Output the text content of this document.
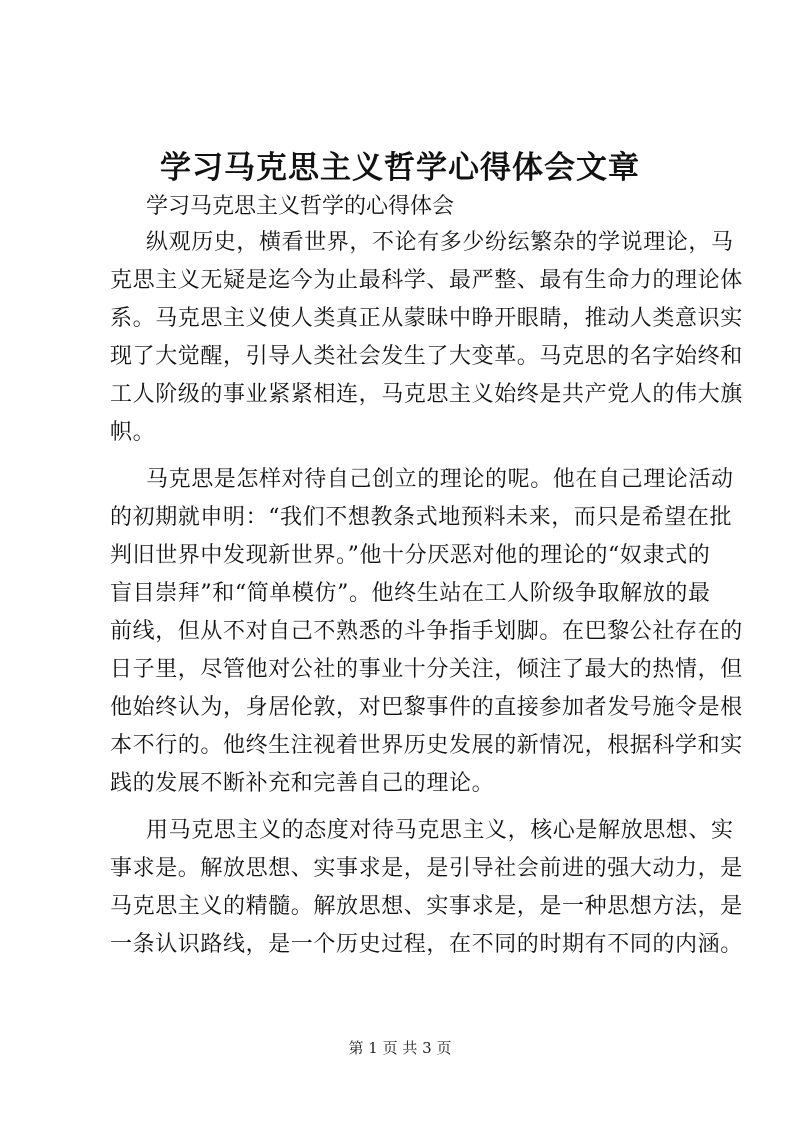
学习马克思主义哲学心得体会文章

学习马克思主义哲学的心得体会

纵观历史，横看世界，不论有多少纷纭繁杂的学说理论，马
克思主义无疑是迄今为止最科学、最严整、最有生命力的理论体
系。马克思主义使人类真正从蒙昧中睁开眼睛，推动人类意识实
现了大觉醒，引导人类社会发生了大变革。马克思的名字始终和
工人阶级的事业紧紧相连，马克思主义始终是共产党人的伟大旗
帜。

马克思是怎样对待自己创立的理论的呢。他在自己理论活动
的初期就申明：“我们不想教条式地预料未来，而只是希望在批
判旧世界中发现新世界。”他十分厌恶对他的理论的“奴隶式的
盲目崇拜”和“简单模仿”。他终生站在工人阶级争取解放的最
前线，但从不对自己不熟悉的斗争指手划脚。在巴黎公社存在的
日子里，尽管他对公社的事业十分关注，倾注了最大的热情，但
他始终认为，身居伦敦，对巴黎事件的直接参加者发号施令是根
本不行的。他终生注视着世界历史发展的新情况，根据科学和实
践的发展不断补充和完善自己的理论。

用马克思主义的态度对待马克思主义，核心是解放思想、实
事求是。解放思想、实事求是，是引导社会前进的强大动力，是
马克思主义的精髓。解放思想、实事求是，是一种思想方法，是
一条认识路线，是一个历史过程，在不同的时期有不同的内涵。

第 1 页 共 3 页
